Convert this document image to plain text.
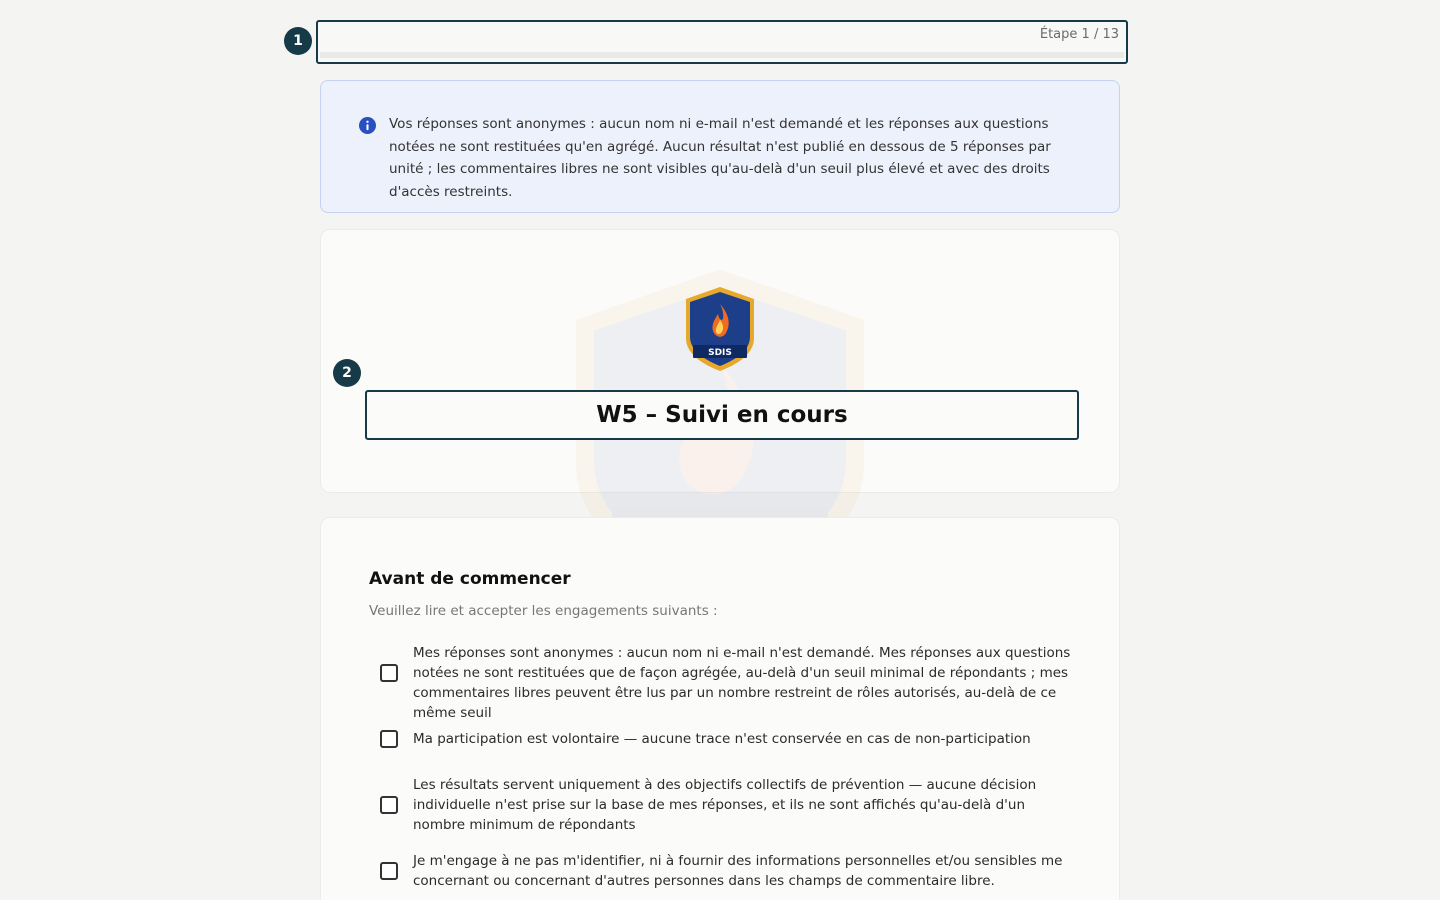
1	Étape 1 / 13

Vos réponses sont anonymes : aucun nom ni e-mail n'est demandé et les réponses aux questions notées ne sont restituées qu'en agrégé. Aucun résultat n'est publié en dessous de 5 réponses par unité ; les commentaires libres ne sont visibles qu'au-delà d'un seuil plus élevé et avec des droits d'accès restreints.

SDIS
2
W5 – Suivi en cours
Avant de commencer

Veuillez lire et accepter les engagements suivants :

Mes réponses sont anonymes : aucun nom ni e-mail n'est demandé. Mes réponses aux questions notées ne sont restituées que de façon agrégée, au-delà d'un seuil minimal de répondants ; mes commentaires libres peuvent être lus par un nombre restreint de rôles autorisés, au-delà de ce même seuil

Ma participation est volontaire — aucune trace n'est conservée en cas de non-participation

Les résultats servent uniquement à des objectifs collectifs de prévention — aucune décision individuelle n'est prise sur la base de mes réponses, et ils ne sont affichés qu'au-delà d'un nombre minimum de répondants

Je m'engage à ne pas m'identifier, ni à fournir des informations personnelles et/ou sensibles me concernant ou concernant d'autres personnes dans les champs de commentaire libre.
